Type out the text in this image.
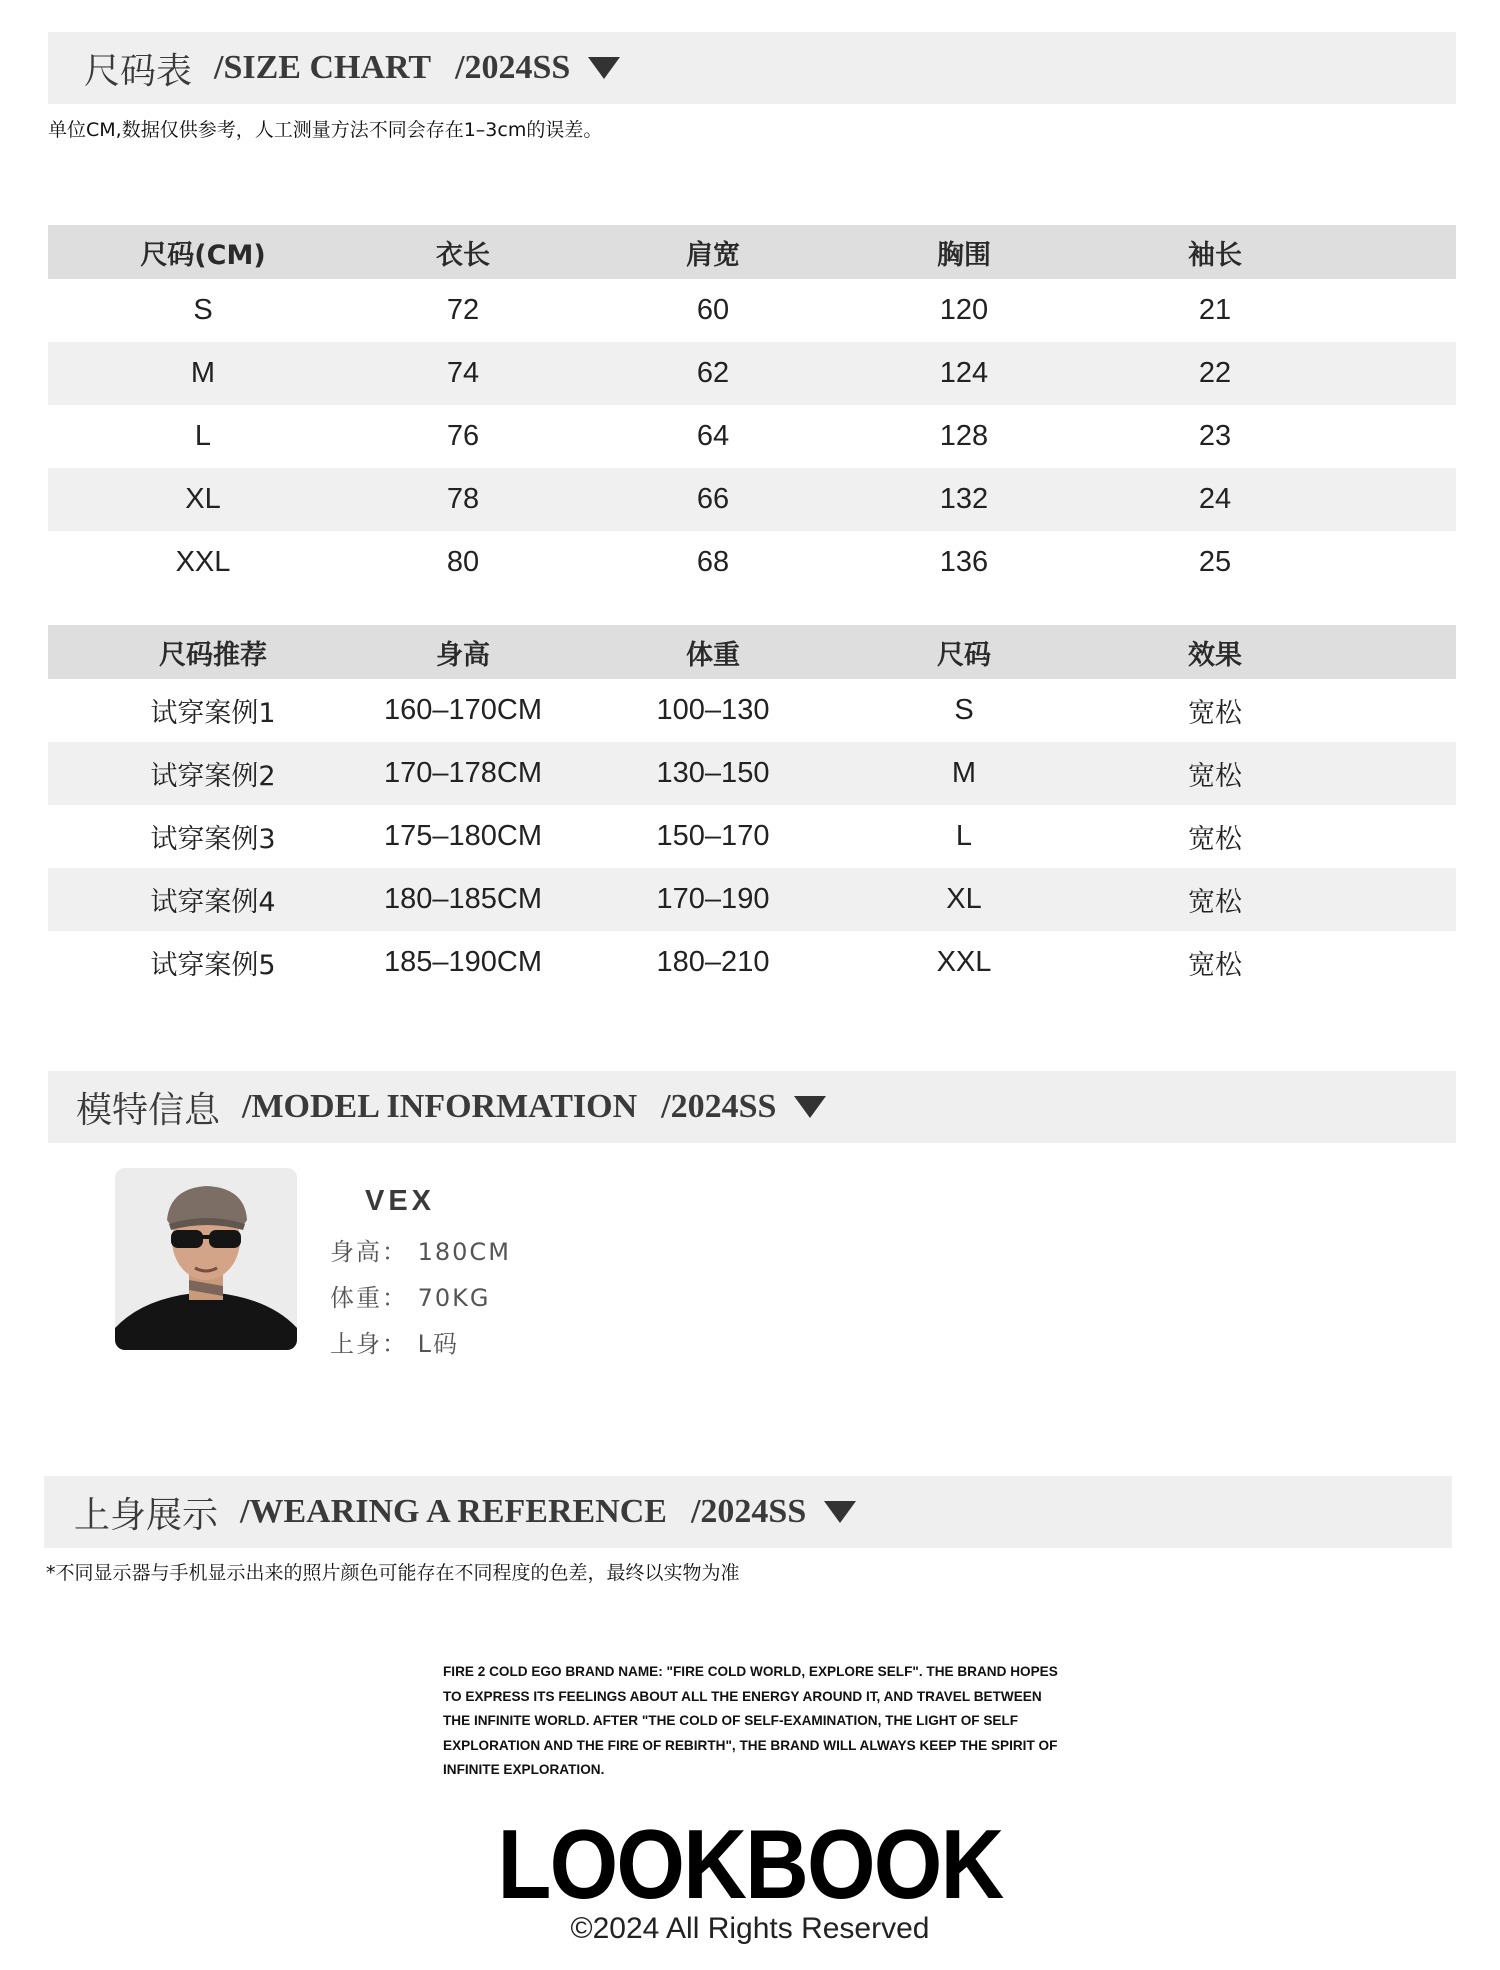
尺码表 /SIZE CHART /2024SS
单位CM,数据仅供参考，人工测量方法不同会存在1–3cm的误差。
尺码(CM)	衣长	肩宽	胸围	袖长	
S	72	60	120	21	
M	74	62	124	22	
L	76	64	128	23	
XL	78	66	132	24	
XXL	80	68	136	25	
尺码推荐	身高	体重	尺码	效果	
试穿案例1	160–170CM	100–130	S	宽松	
试穿案例2	170–178CM	130–150	M	宽松	
试穿案例3	175–180CM	150–170	L	宽松	
试穿案例4	180–185CM	170–190	XL	宽松	
试穿案例5	185–190CM	180–210	XXL	宽松	
模特信息 /MODEL INFORMATION /2024SS
VEX
身高： 180CM
体重： 70KG
上身： L码
上身展示 /WEARING A REFERENCE /2024SS
*不同显示器与手机显示出来的照片颜色可能存在不同程度的色差，最终以实物为准
FIRE 2 COLD EGO BRAND NAME: "FIRE COLD WORLD, EXPLORE SELF". THE BRAND HOPES
TO EXPRESS ITS FEELINGS ABOUT ALL THE ENERGY AROUND IT, AND TRAVEL BETWEEN
THE INFINITE WORLD. AFTER "THE COLD OF SELF-EXAMINATION, THE LIGHT OF SELF
EXPLORATION AND THE FIRE OF REBIRTH", THE BRAND WILL ALWAYS KEEP THE SPIRIT OF
INFINITE EXPLORATION.
LOOKBOOK
©2024 All Rights Reserved
